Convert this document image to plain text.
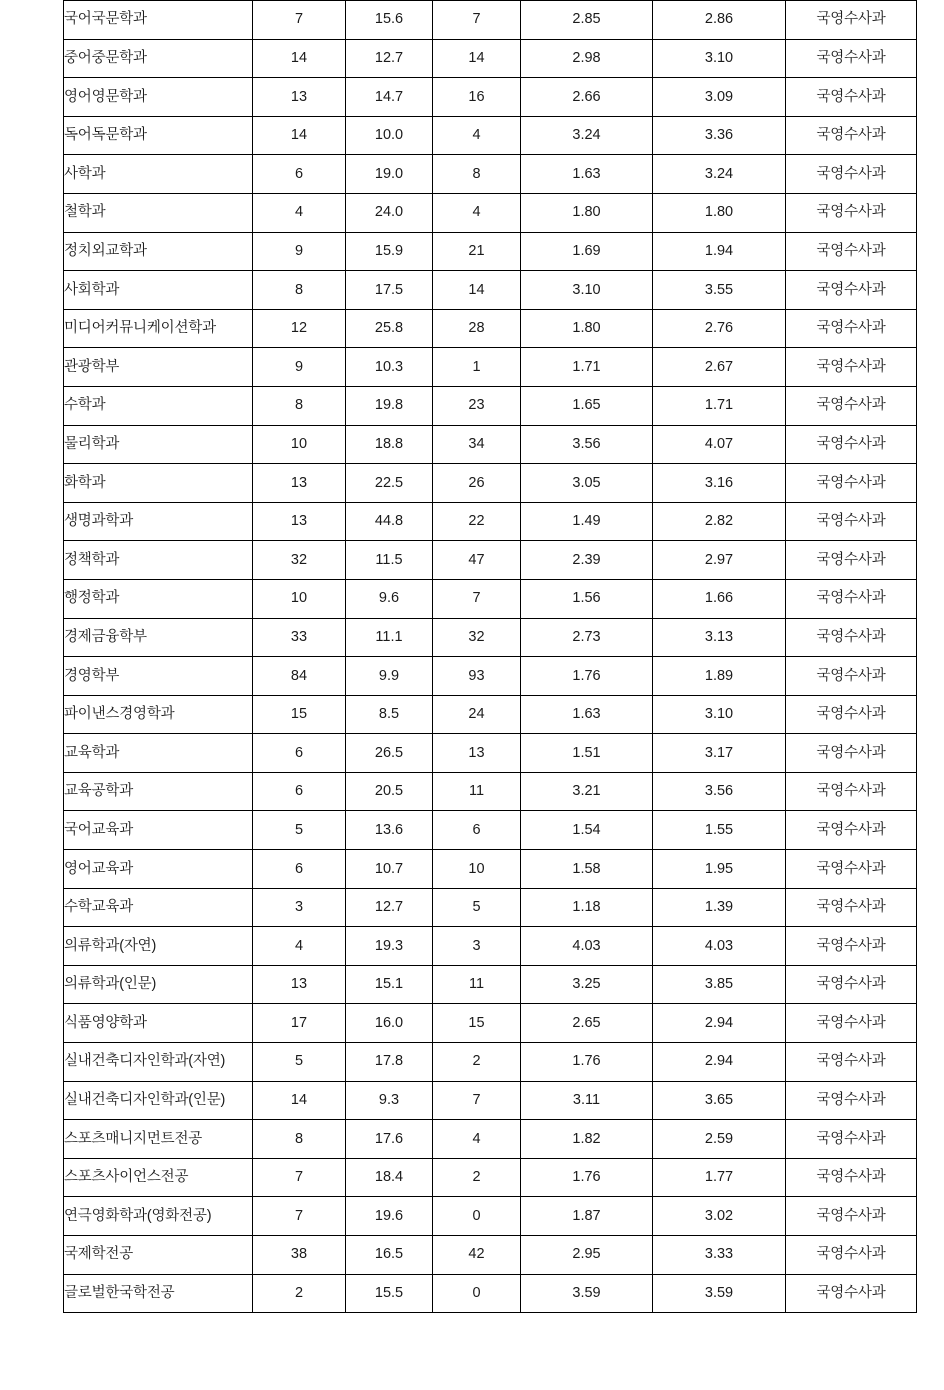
국어국문학과	7	15.6	7	2.85	2.86	국영수사과
중어중문학과	14	12.7	14	2.98	3.10	국영수사과
영어영문학과	13	14.7	16	2.66	3.09	국영수사과
독어독문학과	14	10.0	4	3.24	3.36	국영수사과
사학과	6	19.0	8	1.63	3.24	국영수사과
철학과	4	24.0	4	1.80	1.80	국영수사과
정치외교학과	9	15.9	21	1.69	1.94	국영수사과
사회학과	8	17.5	14	3.10	3.55	국영수사과
미디어커뮤니케이션학과	12	25.8	28	1.80	2.76	국영수사과
관광학부	9	10.3	1	1.71	2.67	국영수사과
수학과	8	19.8	23	1.65	1.71	국영수사과
물리학과	10	18.8	34	3.56	4.07	국영수사과
화학과	13	22.5	26	3.05	3.16	국영수사과
생명과학과	13	44.8	22	1.49	2.82	국영수사과
정책학과	32	11.5	47	2.39	2.97	국영수사과
행정학과	10	9.6	7	1.56	1.66	국영수사과
경제금융학부	33	11.1	32	2.73	3.13	국영수사과
경영학부	84	9.9	93	1.76	1.89	국영수사과
파이낸스경영학과	15	8.5	24	1.63	3.10	국영수사과
교육학과	6	26.5	13	1.51	3.17	국영수사과
교육공학과	6	20.5	11	3.21	3.56	국영수사과
국어교육과	5	13.6	6	1.54	1.55	국영수사과
영어교육과	6	10.7	10	1.58	1.95	국영수사과
수학교육과	3	12.7	5	1.18	1.39	국영수사과
의류학과(자연)	4	19.3	3	4.03	4.03	국영수사과
의류학과(인문)	13	15.1	11	3.25	3.85	국영수사과
식품영양학과	17	16.0	15	2.65	2.94	국영수사과
실내건축디자인학과(자연)	5	17.8	2	1.76	2.94	국영수사과
실내건축디자인학과(인문)	14	9.3	7	3.11	3.65	국영수사과
스포츠매니지먼트전공	8	17.6	4	1.82	2.59	국영수사과
스포츠사이언스전공	7	18.4	2	1.76	1.77	국영수사과
연극영화학과(영화전공)	7	19.6	0	1.87	3.02	국영수사과
국제학전공	38	16.5	42	2.95	3.33	국영수사과
글로벌한국학전공	2	15.5	0	3.59	3.59	국영수사과
